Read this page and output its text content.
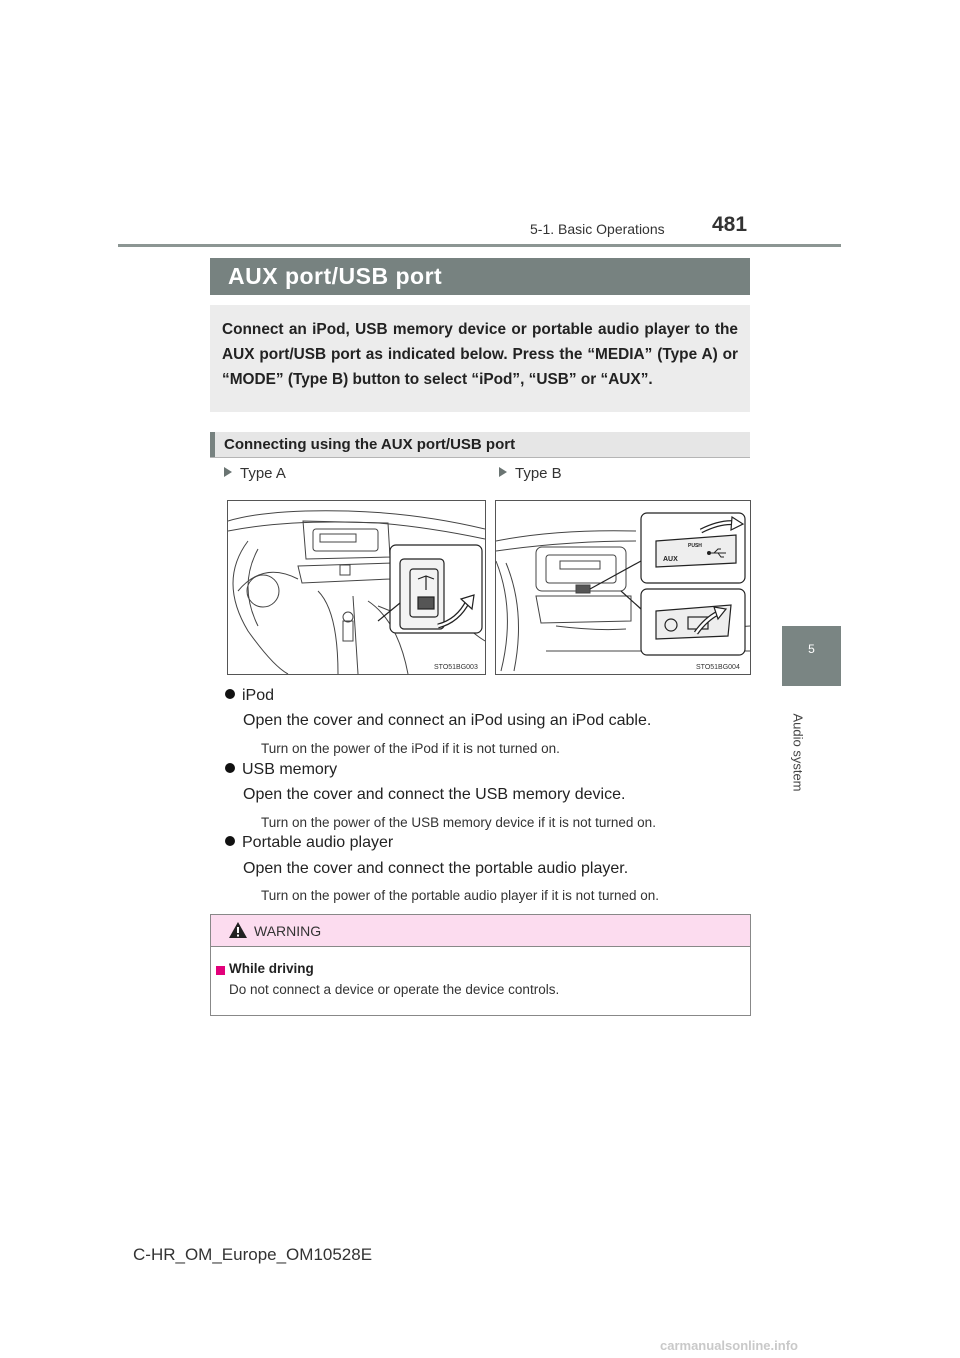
5-1. Basic Operations 481
5
Audio system
AUX port/USB port
Connect an iPod, USB memory device or portable audio player to the AUX port/USB port as indicated below. Press the “MEDIA” (Type A) or “MODE” (Type B) button to select “iPod”, “USB” or “AUX”.
Connecting using the AUX port/USB port
Type A	Type B
STO51BG003
AUX
PUSH
STO51BG004
iPod
Open the cover and connect an iPod using an iPod cable.
Turn on the power of the iPod if it is not turned on.
USB memory
Open the cover and connect the USB memory device.
Turn on the power of the USB memory device if it is not turned on.
Portable audio player
Open the cover and connect the portable audio player.
Turn on the power of the portable audio player if it is not turned on.
WARNING
While driving
Do not connect a device or operate the device controls.
C-HR_OM_Europe_OM10528E
carmanualsonline.info
